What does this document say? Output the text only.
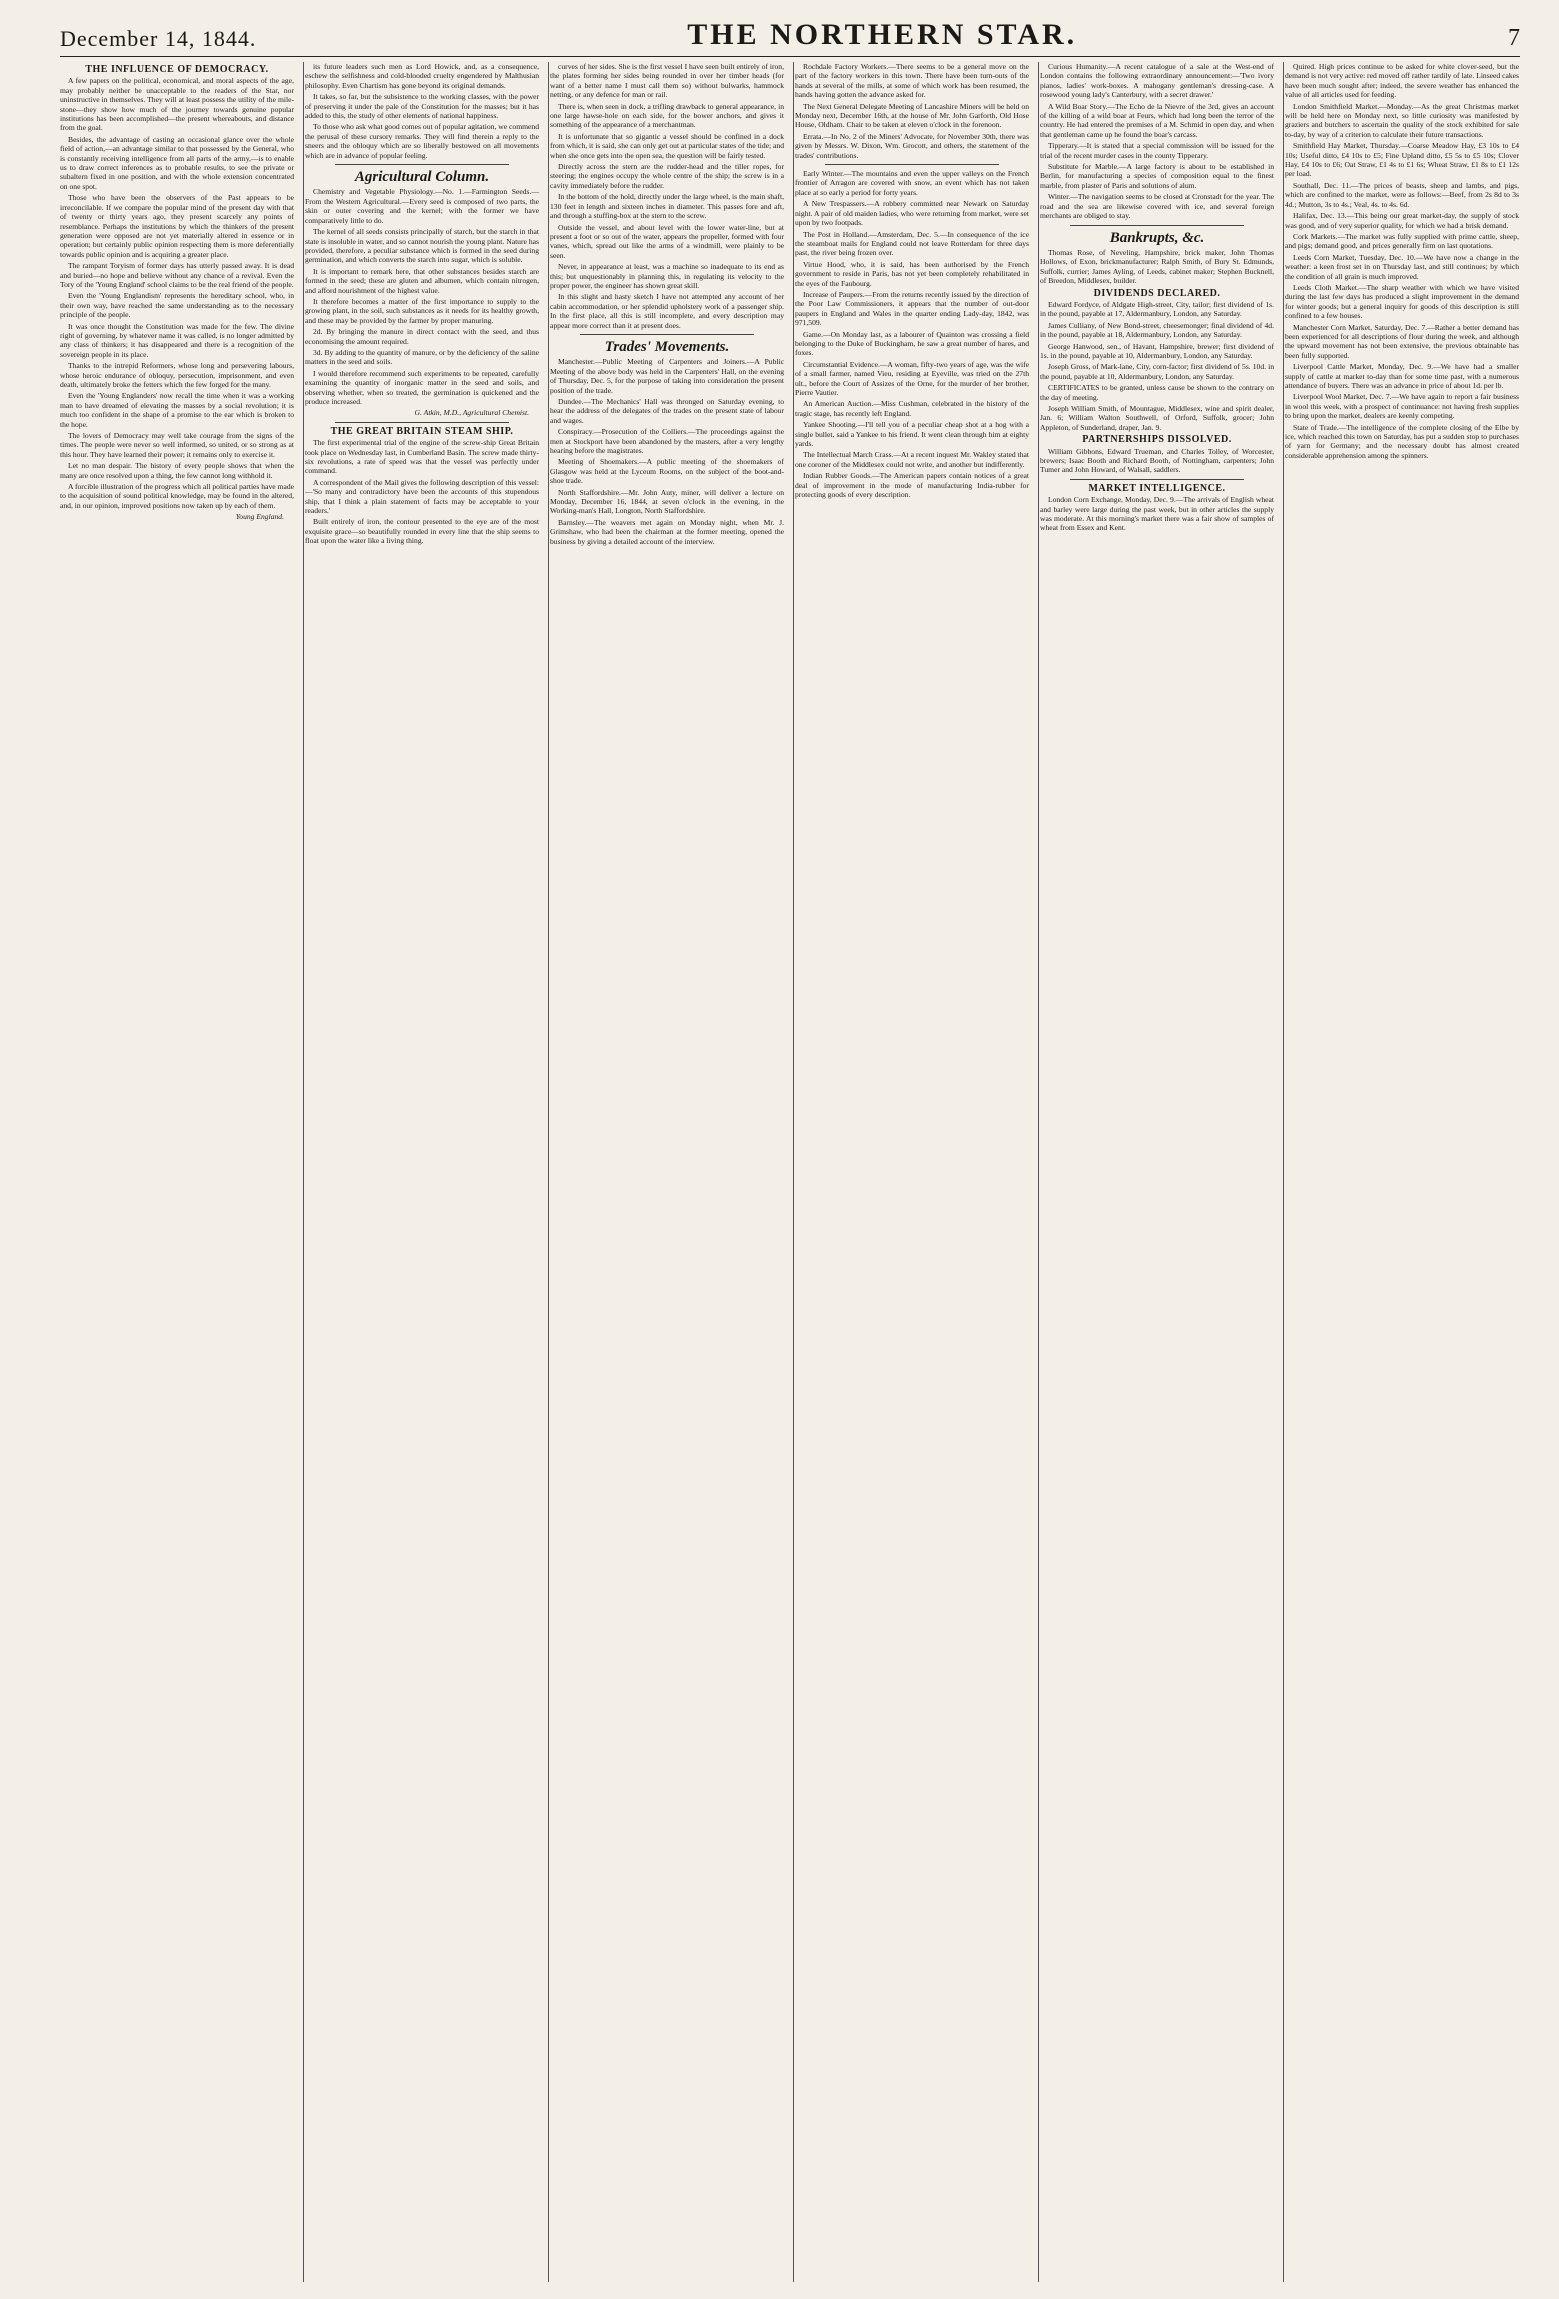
December 14, 1844.	THE NORTHERN STAR.	7
THE INFLUENCE OF DEMOCRACY.

A few papers on the political, economical, and moral aspects of the age, may probably neither be unacceptable to the readers of the Star, nor uninstructive in themselves. They will at least possess the utility of the mile-stone—they show how much of the journey towards genuine popular institutions has been accomplished—the present whereabouts, and distance from the goal.

Besides, the advantage of casting an occasional glance over the whole field of action,—an advantage similar to that possessed by the General, who is constantly receiving intelligence from all parts of the army,—is to enable us to draw correct inferences as to probable results, to see the private or subaltern fixed in one position, and with the whole extension concentrated on one spot.

Those who have been the observers of the Past appears to be irreconcilable. If we compare the popular mind of the present day with that of twenty or thirty years ago, they present scarcely any points of resemblance. Perhaps the institutions by which the thinkers of the present generation were opposed are not yet materially altered in essence or in operation; but certainly public opinion respecting them is more deferentially towards public opinion and is acquiring a greater place.

The rampant Toryism of former days has utterly passed away. It is dead and buried—no hope and believe without any chance of a revival. Even the Tory of the 'Young England' school claims to be the real friend of the people.

Even the 'Young Englandism' represents the hereditary school, who, in their own way, have reached the same understanding as to the necessary principle of the people.

It was once thought the Constitution was made for the few. The divine right of governing, by whatever name it was called, is no longer admitted by any class of thinkers; it has disappeared and there is a recognition of the sovereign people in its place.

Thanks to the intrepid Reformers, whose long and persevering labours, whose heroic endurance of obloquy, persecution, imprisonment, and even death, ultimately broke the fetters which the few forged for the many.

Even the 'Young Englanders' now recall the time when it was a working man to have dreamed of elevating the masses by a social revolution; it is much too confident in the shape of a promise to the ear which is broken to the hope.

The lovers of Democracy may well take courage from the signs of the times. The people were never so well informed, so united, or so strong as at this hour. They have learned their power; it remains only to exercise it.

Let no man despair. The history of every people shows that when the many are once resolved upon a thing, the few cannot long withhold it.

A forcible illustration of the progress which all political parties have made to the acquisition of sound political knowledge, may be found in the altered, and, in our opinion, improved positions now taken up by each of them.

Young England.

its future leaders such men as Lord Howick, and, as a consequence, eschew the selfishness and cold-blooded cruelty engendered by Malthusian philosophy. Even Chartism has gone beyond its original demands.

It takes, so far, but the subsistence to the working classes, with the power of preserving it under the pale of the Constitution for the masses; but it has added to this, the study of other elements of national happiness.

To those who ask what good comes out of popular agitation, we commend the perusal of these cursory remarks. They will find therein a reply to the sneers and the obloquy which are so liberally bestowed on all movements which are in advance of popular feeling.

Agricultural Column.

Chemistry and Vegetable Physiology.—No. 1.—Farmington Seeds.—From the Western Agricultural.—Every seed is composed of two parts, the skin or outer covering and the kernel; with the former we have comparatively little to do.

The kernel of all seeds consists principally of starch, but the starch in that state is insoluble in water, and so cannot nourish the young plant. Nature has provided, therefore, a peculiar substance which is formed in the seed during germination, and which converts the starch into sugar, which is soluble.

It is important to remark here, that other substances besides starch are formed in the seed; these are gluten and albumen, which contain nitrogen, and afford nourishment of the highest value.

It therefore becomes a matter of the first importance to supply to the growing plant, in the soil, such substances as it needs for its healthy growth, and these may be provided by the farmer by proper manuring.

2d. By bringing the manure in direct contact with the seed, and thus economising the amount required.

3d. By adding to the quantity of manure, or by the deficiency of the saline matters in the seed and soils.

I would therefore recommend such experiments to be repeated, carefully examining the quantity of inorganic matter in the seed and soils, and observing whether, when so treated, the germination is quickened and the produce increased.

G. Atkin, M.D., Agricultural Chemist.

THE GREAT BRITAIN STEAM SHIP.

The first experimental trial of the engine of the screw-ship Great Britain took place on Wednesday last, in Cumberland Basin. The screw made thirty-six revolutions, a rate of speed was that the vessel was perfectly under command.

A correspondent of the Mail gives the following description of this vessel:—'So many and contradictory have been the accounts of this stupendous ship, that I think a plain statement of facts may be acceptable to your readers.'

Built entirely of iron, the contour presented to the eye are of the most exquisite grace—so beautifully rounded in every line that the ship seems to float upon the water like a living thing.

curves of her sides. She is the first vessel I have seen built entirely of iron, the plates forming her sides being rounded in over her timber heads (for want of a better name I must call them so) without bulwarks, hammock netting, or any defence for man or rail.

There is, when seen in dock, a trifling drawback to general appearance, in one large hawse-hole on each side, for the bower anchors, and gives it something of the appearance of a merchantman.

It is unfortunate that so gigantic a vessel should be confined in a dock from which, it is said, she can only get out at particular states of the tide; and when she once gets into the open sea, the question will be fairly tested.

Directly across the stern are the rudder-head and the tiller ropes, for steering; the engines occupy the whole centre of the ship; the screw is in a cavity immediately before the rudder.

In the bottom of the hold, directly under the large wheel, is the main shaft, 130 feet in length and sixteen inches in diameter. This passes fore and aft, and through a stuffing-box at the stern to the screw.

Outside the vessel, and about level with the lower water-line, but at present a foot or so out of the water, appears the propeller, formed with four vanes, which, spread out like the arms of a windmill, were plainly to be seen.

Never, in appearance at least, was a machine so inadequate to its end as this; but unquestionably in planning this, in regulating its velocity to the proper power, the engineer has shown great skill.

In this slight and hasty sketch I have not attempted any account of her cabin accommodation, or her splendid upholstery work of a passenger ship. In the first place, all this is still incomplete, and every description may appear more correct than it at present does.

Trades' Movements.

Manchester.—Public Meeting of Carpenters and Joiners.—A Public Meeting of the above body was held in the Carpenters' Hall, on the evening of Thursday, Dec. 5, for the purpose of taking into consideration the present position of the trade.

Dundee.—The Mechanics' Hall was thronged on Saturday evening, to hear the address of the delegates of the trades on the present state of labour and wages.

Conspiracy.—Prosecution of the Colliers.—The proceedings against the men at Stockport have been abandoned by the masters, after a very lengthy hearing before the magistrates.

Meeting of Shoemakers.—A public meeting of the shoemakers of Glasgow was held at the Lyceum Rooms, on the subject of the boot-and-shoe trade.

North Staffordshire.—Mr. John Auty, miner, will deliver a lecture on Monday, December 16, 1844, at seven o'clock in the evening, in the Working-man's Hall, Longton, North Staffordshire.

Barnsley.—The weavers met again on Monday night, when Mr. J. Grimshaw, who had been the chairman at the former meeting, opened the business by giving a detailed account of the interview.

Rochdale Factory Workers.—There seems to be a general move on the part of the factory workers in this town. There have been turn-outs of the hands at several of the mills, at some of which work has been resumed, the hands having gotten the advance asked for.

The Next General Delegate Meeting of Lancashire Miners will be held on Monday next, December 16th, at the house of Mr. John Garforth, Old Hose House, Oldham. Chair to be taken at eleven o'clock in the forenoon.

Errata.—In No. 2 of the Miners' Advocate, for November 30th, there was given by Messrs. W. Dixon, Wm. Grocott, and others, the statement of the trades' contributions.

Early Winter.—The mountains and even the upper valleys on the French frontier of Arragon are covered with snow, an event which has not taken place at so early a period for forty years.

A New Trespassers.—A robbery committed near Newark on Saturday night. A pair of old maiden ladies, who were returning from market, were set upon by two footpads.

The Post in Holland.—Amsterdam, Dec. 5.—In consequence of the ice the steamboat mails for England could not leave Rotterdam for three days past, the river being frozen over.

Virtue Hood, who, it is said, has been authorised by the French government to reside in Paris, has not yet been completely rehabilitated in the eyes of the Faubourg.

Increase of Paupers.—From the returns recently issued by the direction of the Poor Law Commissioners, it appears that the number of out-door paupers in England and Wales in the quarter ending Lady-day, 1842, was 971,509.

Game.—On Monday last, as a labourer of Quainton was crossing a field belonging to the Duke of Buckingham, he saw a great number of hares, and foxes.

Circumstantial Evidence.—A woman, fifty-two years of age, was the wife of a small farmer, named Vieu, residing at Eyeville, was tried on the 27th ult., before the Court of Assizes of the Orne, for the murder of her brother, Pierre Vautier.

An American Auction.—Miss Cushman, celebrated in the history of the tragic stage, has recently left England.

Yankee Shooting.—I'll tell you of a peculiar cheap shot at a hog with a single bullet, said a Yankee to his friend. It went clean through him at eighty yards.

The Intellectual March Crass.—At a recent inquest Mr. Wakley stated that one coroner of the Middlesex could not write, and another but indifferently.

Indian Rubber Goods.—The American papers contain notices of a great deal of improvement in the mode of manufacturing India-rubber for protecting goods of every description.

Curious Humanity.—A recent catalogue of a sale at the West-end of London contains the following extraordinary announcement:—'Two ivory pianos, ladies' work-boxes. A mahogany gentleman's dressing-case. A rosewood young lady's Canterbury, with a secret drawer.'

A Wild Boar Story.—The Echo de la Nievre of the 3rd, gives an account of the killing of a wild boar at Feurs, which had long been the terror of the country. He had entered the premises of a M. Schmid in open day, and when that gentleman came up he found the boar's carcass.

Tipperary.—It is stated that a special commission will be issued for the trial of the recent murder cases in the county Tipperary.

Substitute for Marble.—A large factory is about to be established in Berlin, for manufacturing a species of composition equal to the finest marble, from plaster of Paris and solutions of alum.

Winter.—The navigation seems to be closed at Cronstadt for the year. The road and the sea are likewise covered with ice, and several foreign merchants are obliged to stay.

Bankrupts, &c.

Thomas Rose, of Neveling, Hampshire, brick maker, John Thomas Hollows, of Exon, brickmanufacturer; Ralph Smith, of Bury St. Edmunds, Suffolk, currier; James Ayling, of Leeds, cabinet maker; Stephen Bucknell, of Breedon, Middlesex, builder.

DIVIDENDS DECLARED.

Edward Fordyce, of Aldgate High-street, City, tailor; first dividend of 1s. in the pound, payable at 17, Aldermanbury, London, any Saturday.

James Culliany, of New Bond-street, cheesemonger; final dividend of 4d. in the pound, payable at 18, Aldermanbury, London, any Saturday.

George Hanwood, sen., of Havant, Hampshire, brewer; first dividend of 1s. in the pound, payable at 10, Aldermanbury, London, any Saturday.

Joseph Gross, of Mark-lane, City, corn-factor; first dividend of 5s. 10d. in the pound, payable at 10, Aldermanbury, London, any Saturday.

CERTIFICATES to be granted, unless cause be shown to the contrary on the day of meeting.

Joseph William Smith, of Mountague, Middlesex, wine and spirit dealer, Jan. 6; William Walton Southwell, of Orford, Suffolk, grocer; John Appleton, of Sunderland, draper, Jan. 9.

PARTNERSHIPS DISSOLVED.

William Gibbons, Edward Trueman, and Charles Tolley, of Worcester, brewers; Isaac Booth and Richard Booth, of Nottingham, carpenters; John Tumer and John Howard, of Walsall, saddlers.

MARKET INTELLIGENCE.

London Corn Exchange, Monday, Dec. 9.—The arrivals of English wheat and barley were large during the past week, but in other articles the supply was moderate. At this morning's market there was a fair show of samples of wheat from Essex and Kent.

Quired. High prices continue to be asked for white clover-seed, but the demand is not very active: red moved off rather tardily of late. Linseed cakes have been much sought after; indeed, the severe weather has enhanced the value of all articles used for feeding.

London Smithfield Market.—Monday.—As the great Christmas market will be held here on Monday next, so little curiosity was manifested by graziers and butchers to ascertain the quality of the stock exhibited for sale to-day, by way of a criterion to calculate their future transactions.

Smithfield Hay Market, Thursday.—Coarse Meadow Hay, £3 10s to £4 10s; Useful ditto, £4 10s to £5; Fine Upland ditto, £5 5s to £5 10s; Clover Hay, £4 10s to £6; Oat Straw, £1 4s to £1 6s; Wheat Straw, £1 8s to £1 12s per load.

Southall, Dec. 11.—The prices of beasts, sheep and lambs, and pigs, which are confined to the market, were as follows:—Beef, from 2s 8d to 3s 4d.; Mutton, 3s to 4s.; Veal, 4s. to 4s. 6d.

Halifax, Dec. 13.—This being our great market-day, the supply of stock was good, and of very superior quality, for which we had a brisk demand.

Cork Markets.—The market was fully supplied with prime cattle, sheep, and pigs; demand good, and prices generally firm on last quotations.

Leeds Corn Market, Tuesday, Dec. 10.—We have now a change in the weather: a keen frost set in on Thursday last, and still continues; by which the condition of all grain is much improved.

Leeds Cloth Market.—The sharp weather with which we have visited during the last few days has produced a slight improvement in the demand for winter goods; but a general inquiry for goods of this description is still confined to a few houses.

Manchester Corn Market, Saturday, Dec. 7.—Rather a better demand has been experienced for all descriptions of flour during the week, and although the upward movement has not been extensive, the previous obtainable has been fully supported.

Liverpool Cattle Market, Monday, Dec. 9.—We have had a smaller supply of cattle at market to-day than for some time past, with a numerous attendance of buyers. There was an advance in price of about 1d. per lb.

Liverpool Wool Market, Dec. 7.—We have again to report a fair business in wool this week, with a prospect of continuance: not having fresh supplies to bring upon the market, dealers are keenly competing.

State of Trade.—The intelligence of the complete closing of the Elbe by ice, which reached this town on Saturday, has put a sudden stop to purchases of yarn for Germany; and the necessary doubt has almost created considerable apprehension among the spinners.
